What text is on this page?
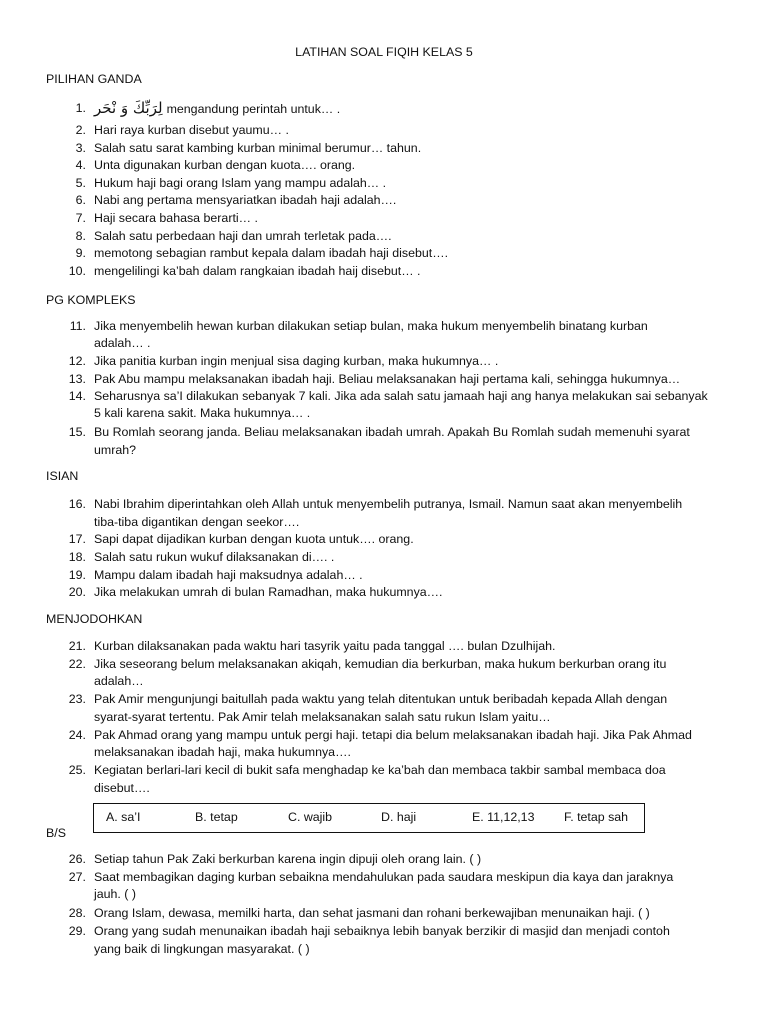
LATIHAN SOAL FIQIH KELAS 5
PILIHAN GANDA
1. لِرَبِّكَ وَ نْحَر mengandung perintah untuk… .
2. Hari raya kurban disebut yaumu… .
3. Salah satu sarat kambing kurban minimal berumur… tahun.
4. Unta digunakan kurban dengan kuota…. orang.
5. Hukum haji bagi orang Islam yang mampu adalah… .
6. Nabi ang pertama mensyariatkan ibadah haji adalah….
7. Haji secara bahasa berarti… .
8. Salah satu perbedaan haji dan umrah terletak pada….
9. memotong sebagian rambut kepala dalam ibadah haji disebut….
10. mengelilingi ka’bah dalam rangkaian ibadah haij disebut… .
PG KOMPLEKS
11. Jika menyembelih hewan kurban dilakukan setiap bulan, maka hukum menyembelih binatang kurban
adalah… .
12. Jika panitia kurban ingin menjual sisa daging kurban, maka hukumnya… .
13. Pak Abu mampu melaksanakan ibadah haji. Beliau melaksanakan haji pertama kali, sehingga hukumnya…
14. Seharusnya sa’I dilakukan sebanyak 7 kali. Jika ada salah satu jamaah haji ang hanya melakukan sai sebanyak
5 kali karena sakit. Maka hukumnya… .
15. Bu Romlah seorang janda. Beliau melaksanakan ibadah umrah. Apakah Bu Romlah sudah memenuhi syarat
umrah?
ISIAN
16. Nabi Ibrahim diperintahkan oleh Allah untuk menyembelih putranya, Ismail. Namun saat akan menyembelih
tiba-tiba digantikan dengan seekor….
17. Sapi dapat dijadikan kurban dengan kuota untuk…. orang.
18. Salah satu rukun wukuf dilaksanakan di…. .
19. Mampu dalam ibadah haji maksudnya adalah… .
20. Jika melakukan umrah di bulan Ramadhan, maka hukumnya….
MENJODOHKAN
21. Kurban dilaksanakan pada waktu hari tasyrik yaitu pada tanggal …. bulan Dzulhijah.
22. Jika seseorang belum melaksanakan akiqah, kemudian dia berkurban, maka hukum berkurban orang itu
adalah…
23. Pak Amir mengunjungi baitullah pada waktu yang telah ditentukan untuk beribadah kepada Allah dengan
syarat-syarat tertentu. Pak Amir telah melaksanakan salah satu rukun Islam yaitu…
24. Pak Ahmad orang yang mampu untuk pergi haji. tetapi dia belum melaksanakan ibadah haji. Jika Pak Ahmad
melaksanakan ibadah haji, maka hukumnya….
25. Kegiatan berlari-lari kecil di bukit safa menghadap ke ka’bah dan membaca takbir sambal membaca doa
disebut….
A. sa’I	B. tetap	C. wajib	D. haji	E. 11,12,13 F. tetap sah
B/S
26. Setiap tahun Pak Zaki berkurban karena ingin dipuji oleh orang lain. ( )
27. Saat membagikan daging kurban sebaikna mendahulukan pada saudara meskipun dia kaya dan jaraknya
jauh. ( )
28. Orang Islam, dewasa, memilki harta, dan sehat jasmani dan rohani berkewajiban menunaikan haji. ( )
29. Orang yang sudah menunaikan ibadah haji sebaiknya lebih banyak berzikir di masjid dan menjadi contoh
yang baik di lingkungan masyarakat. ( )
